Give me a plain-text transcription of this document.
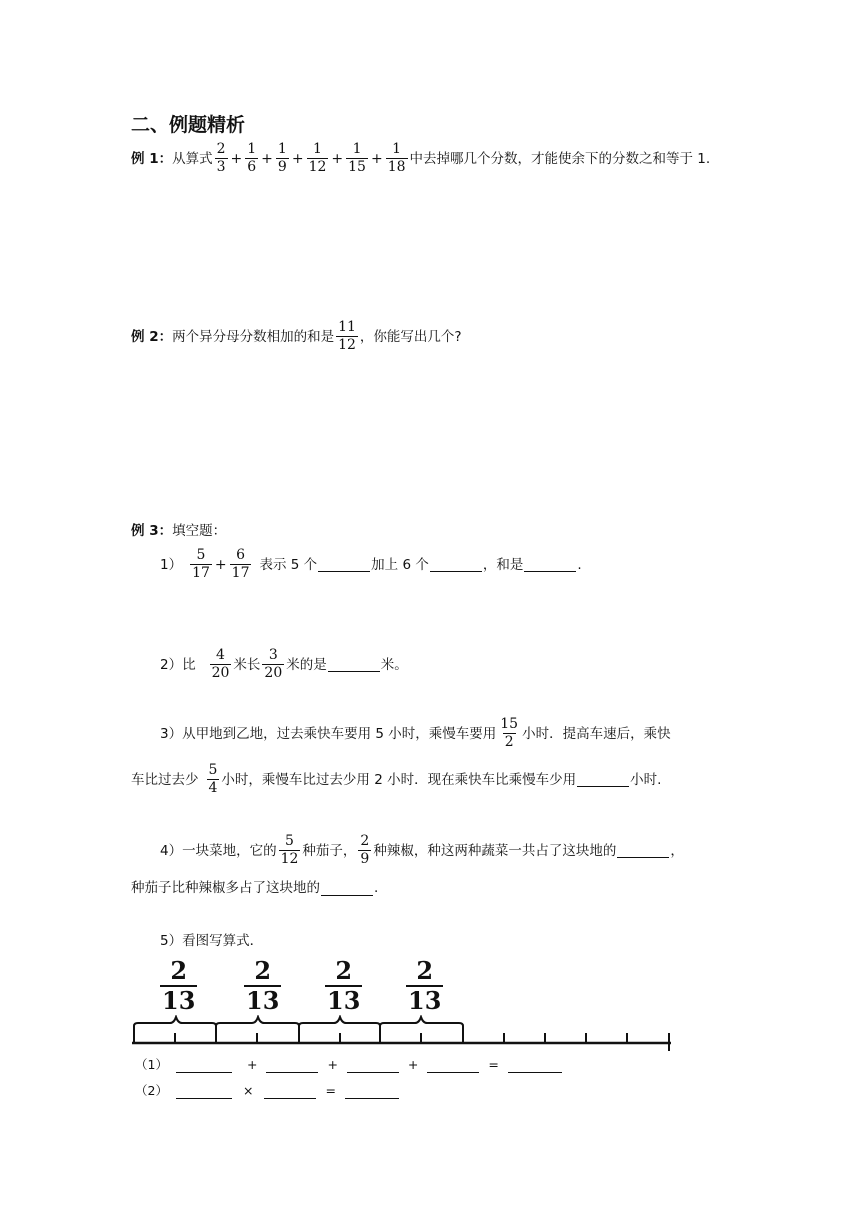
二、例题精析
例 1 ： 从算式 $\frac{2}{3} + \frac{1}{6} + \frac{1}{9} + \frac{1}{12} + \frac{1}{15} + \frac{1}{18}$ 中去掉哪几个分数，才能使余下的分数之和等于 1.
例 2 ： 两个异分母分数相加的和是 $\frac{11}{12}$ ，你能写出几个?
例 3：填空题：
$1) \frac{5}{17} + \frac{6}{17}$ 表示 5 个	加上 6 个	，和是	.
2）比 $\frac{4}{20}$ 米长 $\frac{3}{20}$ 米的是	米。
3）从甲地到乙地，过去乘快车要用 5 小时，乘慢车要用 $\frac{15}{2}$ 小时．提高车速后，乘快
车比过去少 $\frac{5}{4}$ 小时，乘慢车比过去少用 2 小时．现在乘快车比乘慢车少用	小时.
4）一块菜地，它的 $\frac{5}{12}$ 种茄子， $\frac{2}{9}$ 种辣椒，种这两种蔬菜一共占了这块地的	，
种茄子比种辣椒多占了这块地的	.
5）看图写算式．
$\frac{2}{13} \frac{2}{13} \frac{2}{13} \frac{2}{13}$
（1）	+	+	+	=
（2）	×	=
